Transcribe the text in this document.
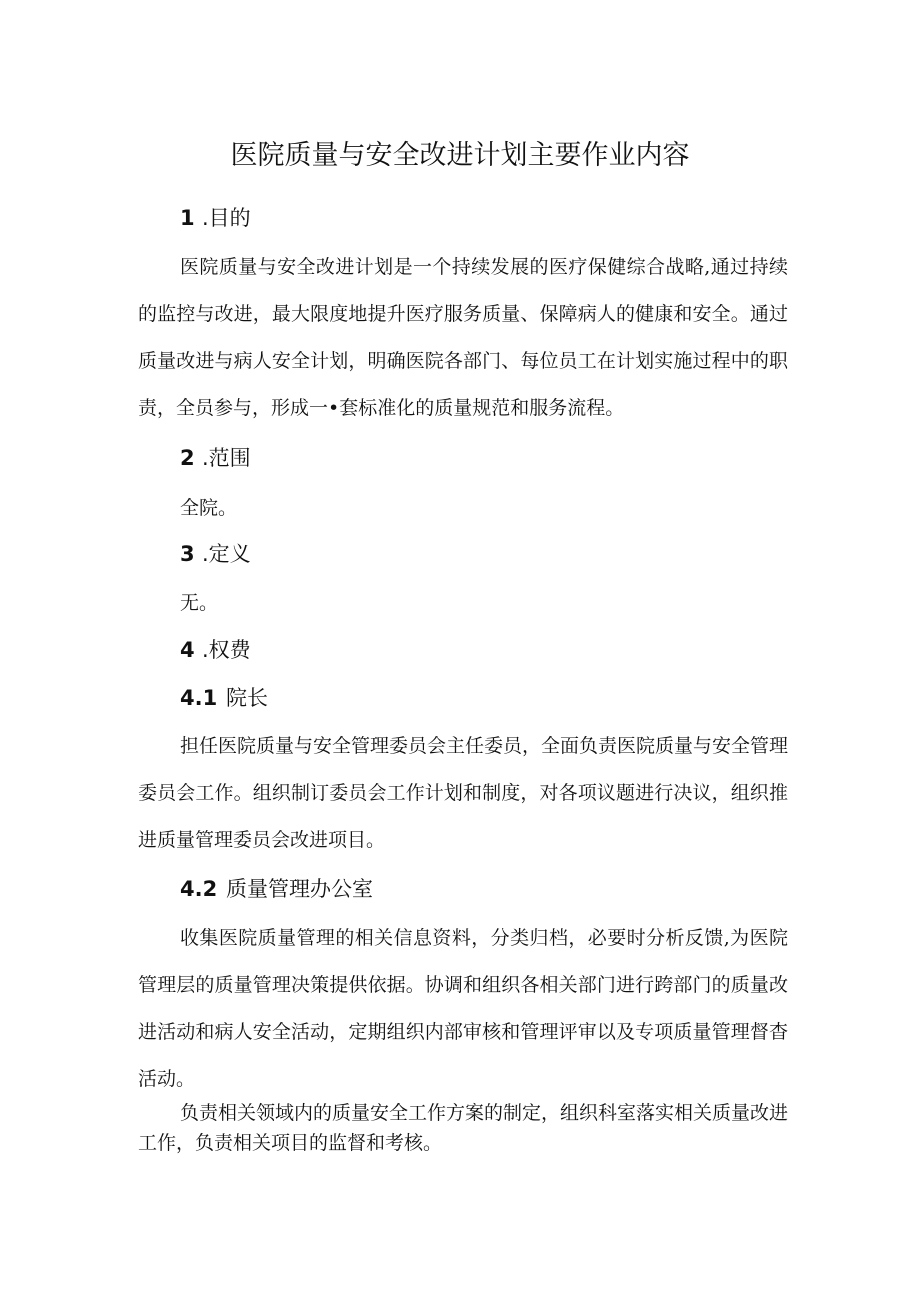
医院质量与安全改进计划主要作业内容
1 .目的
医院质量与安全改进计划是一个持续发展的医疗保健综合战略,通过持续的监控与改进，最大限度地提升医疗服务质量、保障病人的健康和安全。通过质量改进与病人安全计划，明确医院各部门、每位员工在计划实施过程中的职责，全员参与，形成一•套标准化的质量规范和服务流程。
2 .范围
全院。
3 .定义
无。
4 .权费
4.1 院长
担任医院质量与安全管理委员会主任委员，全面负责医院质量与安全管理委员会工作。组织制订委员会工作计划和制度，对各项议题进行决议，组织推进质量管理委员会改进项目。
4.2 质量管理办公室
收集医院质量管理的相关信息资料，分类归档，必要时分析反馈,为医院管理层的质量管理决策提供依据。协调和组织各相关部门进行跨部门的质量改进活动和病人安全活动，定期组织内部审核和管理评审以及专项质量管理督杳活动。
负责相关领域内的质量安全工作方案的制定，组织科室落实相关质量改进工作，负责相关项目的监督和考核。
